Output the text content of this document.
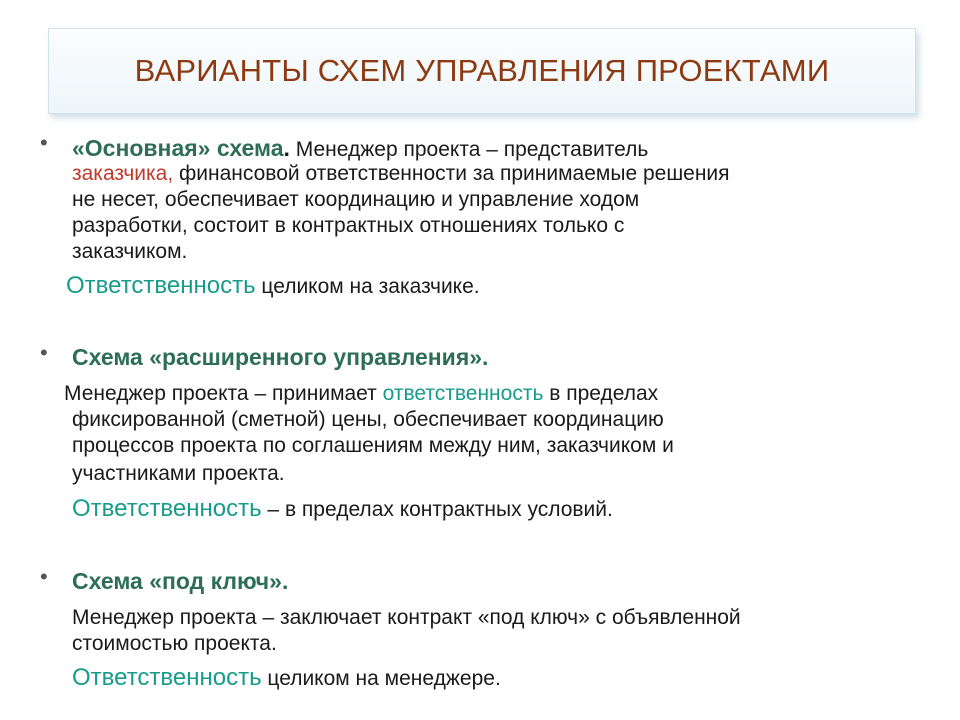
ВАРИАНТЫ СХЕМ УПРАВЛЕНИЯ ПРОЕКТАМИ
• «Основная» схема. Менеджер проекта – представитель
заказчика, финансовой ответственности за принимаемые решения
не несет, обеспечивает координацию и управление ходом
разработки, состоит в контрактных отношениях только с
заказчиком.
Ответственность целиком на заказчике.
• Схема «расширенного управления».
Менеджер проекта – принимает ответственность в пределах
фиксированной (сметной) цены, обеспечивает координацию
процессов проекта по соглашениям между ним, заказчиком и
участниками проекта.
Ответственность – в пределах контрактных условий.
• Схема «под ключ».
Менеджер проекта – заключает контракт «под ключ» с объявленной
стоимостью проекта.
Ответственность целиком на менеджере.
